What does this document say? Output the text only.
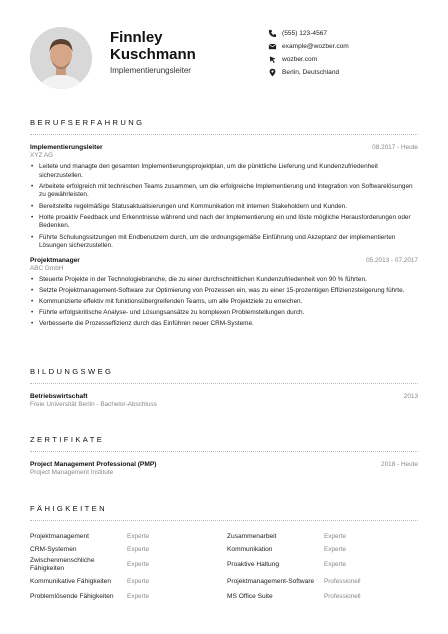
Finnley
Kuschmann
Implementierungsleiter
(555) 123-4567
example@wozber.com
wozber.com
Berlin, Deutschland
BERUFSERFAHRUNG
Implementierungsleiter	08.2017 - Heute
XYZ AG
• Leitete und managte den gesamten Implementierungsprojektplan, um die pünktliche Lieferung und Kundenzufriedenheit sicherzustellen.
• Arbeitete erfolgreich mit technischen Teams zusammen, um die erfolgreiche Implementierung und Integration von Softwarelösungen zu gewährleisten.
• Bereitstellte regelmäßige Statusaktualisierungen und Kommunikation mit internen Stakeholdern und Kunden.
• Holte proaktiv Feedback und Erkenntnisse während und nach der Implementierung ein und löste mögliche Herausforderungen oder Bedenken.
• Führte Schulungssitzungen mit Endbenutzern durch, um die ordnungsgemäße Einführung und Akzeptanz der implementierten Lösungen sicherzustellen.
Projektmanager	05.2013 - 07.2017
ABC GmbH
• Steuerte Projekte in der Technologiebranche, die zu einer durchschnittlichen Kundenzufriedenheit von 90 % führten.
• Setzte Projektmanagement-Software zur Optimierung von Prozessen ein, was zu einer 15-prozentigen Effizienzsteigerung führte.
• Kommunizierte effektiv mit funktionsübergreifenden Teams, um alle Projektziele zu erreichen.
• Führte erfolgskritische Analyse- und Lösungsansätze zu komplexen Problemstellungen durch.
• Verbesserte die Prozesseffizienz durch das Einführen neuer CRM-Systeme.
BILDUNGSWEG
Betriebswirtschaft	2013
Freie Universität Berlin - Bachelor-Abschluss
ZERTIFIKATE
Project Management Professional (PMP)	2018 - Heute
Project Management Institute
FÄHIGKEITEN
Projektmanagement	Experte	Zusammenarbeit	Experte
CRM-Systemen	Experte	Kommunikation	Experte
Zwischenmenschliche Fähigkeiten	Experte	Proaktive Haltung	Experte
Kommunikative Fähigkeiten	Experte	Projektmanagement-Software	Professionell
Problemlösende Fähigkeiten	Experte	MS Office Suite	Professionell
